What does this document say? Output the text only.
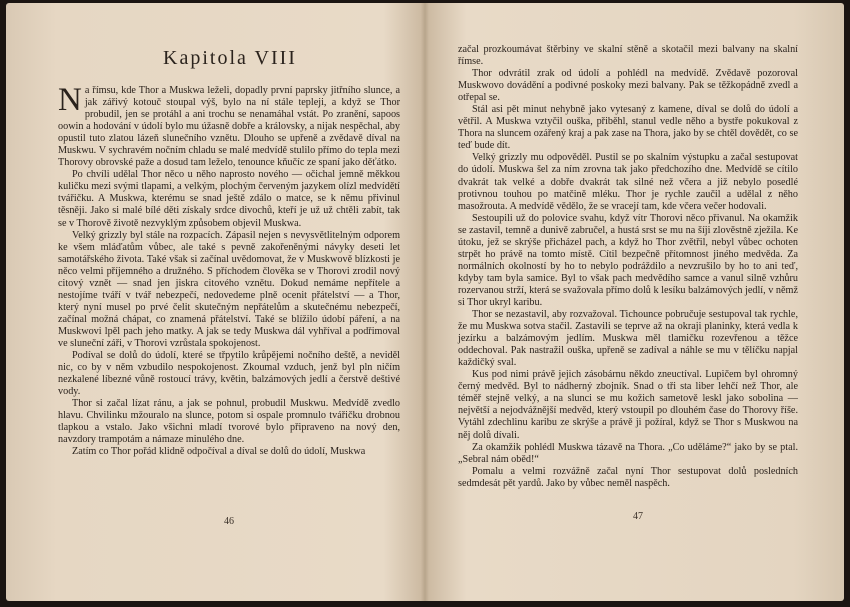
Kapitola VIII

Na římsu, kde Thor a Muskwa leželi, dopadly první paprsky jitřního slunce, a jak zářivý kotouč stoupal výš, bylo na ní stále tepleji, a když se Thor probudil, jen se protáhl a ani trochu se nenamáhal vstát. Po zranění, sapoos oowin a hodování v údolí bylo mu úžasně dobře a královsky, a nijak nespěchal, aby opustil tuto zlatou lázeň slunečního vznětu. Dlouho se upřeně a zvědavě díval na Muskwu. V sychravém nočním chladu se malé medvídě stulilo přímo do tepla mezi Thorovy obrovské paže a dosud tam leželo, tenounce kňučíc ze spaní jako děťátko.

Po chvíli udělal Thor něco u něho naprosto nového — očichal jemně měkkou kuličku mezi svými tlapami, a velkým, plochým červeným jazykem olízl medvídětí tvářičku. A Muskwa, kterému se snad ještě zdálo o matce, se k němu přivinul těsněji. Jako si malé bílé děti získaly srdce divochů, kteří je už už chtěli zabít, tak se v Thorově životě nezvyklým způsobem objevil Muskwa.

Velký grizzly byl stále na rozpacích. Zápasil nejen s nevysvětlitelným odporem ke všem mláďatům vůbec, ale také s pevně zakořeněnými návyky deseti let samotářského života. Také však si začínal uvědomovat, že v Muskwově blízkosti je něco velmi příjemného a družného. S příchodem člověka se v Thorovi zrodil nový citový vznět — snad jen jiskra citového vznětu. Dokud nemáme nepřítele a nestojíme tváří v tvář nebezpečí, nedovedeme plně ocenit přátelství — a Thor, který nyní musel po prvé čelit skutečným nepřátelům a skutečnému nebezpečí, začínal možná chápat, co znamená přátelství. Také se blížilo údobí páření, a na Muskwovi lpěl pach jeho matky. A jak se tedy Muskwa dál vyhříval a podřimoval ve sluneční záři, v Thorovi vzrůstala spokojenost.

Podíval se dolů do údolí, které se třpytilo krůpějemi nočního deště, a neviděl nic, co by v něm vzbudilo nespokojenost. Zkoumal vzduch, jenž byl pln ničím nezkalené líbezné vůně rostoucí trávy, květin, balzámových jedlí a čerstvě deštivé vody.

Thor si začal lízat ránu, a jak se pohnul, probudil Muskwu. Medvídě zvedlo hlavu. Chvilinku mžouralo na slunce, potom si ospale promnulo tvářičku drobnou tlapkou a vstalo. Jako všichni mladí tvorové bylo připraveno na nový den, navzdory trampotám a námaze minulého dne.

Zatím co Thor pořád klidně odpočíval a díval se dolů do údolí, Muskwa

46

začal prozkoumávat štěrbiny ve skalní stěně a skotačil mezi balvany na skalní římse.

Thor odvrátil zrak od údolí a pohlédl na medvídě. Zvědavě pozoroval Muskwovo dovádění a podivné poskoky mezi balvany. Pak se těžkopádně zvedl a otřepal se.

Stál asi pět minut nehybně jako vytesaný z kamene, díval se dolů do údolí a větřil. A Muskwa vztyčil ouška, přiběhl, stanul vedle něho a bystře pokukoval z Thora na sluncem ozářený kraj a pak zase na Thora, jako by se chtěl dovědět, co se teď bude dít.

Velký grizzly mu odpověděl. Pustil se po skalním výstupku a začal sestupovat do údolí. Muskwa šel za ním zrovna tak jako předchozího dne. Medvídě se cítilo dvakrát tak velké a dobře dvakrát tak silné než včera a již nebylo posedlé protivnou touhou po matčině mléku. Thor je rychle zaučil a udělal z něho masožrouta. A medvídě vědělo, že se vracejí tam, kde včera večer hodovali.

Sestoupili už do polovice svahu, když vítr Thorovi něco přivanul. Na okamžik se zastavil, temně a dunivě zabručel, a hustá srst se mu na šíji zlověstně zježila. Ke útoku, jež se skrýše přicházel pach, a když ho Thor zvětřil, nebyl vůbec ochoten strpět ho právě na tomto místě. Cítil bezpečně přítomnost jiného medvěda. Za normálních okolností by ho to nebylo podráždilo a nevzrušilo by ho to ani teď, kdyby tam byla samice. Byl to však pach medvědího samce a vanul silně vzhůru rozervanou strží, která se svažovala přímo dolů k lesíku balzámových jedlí, v němž si Thor ukryl karibu.

Thor se nezastavil, aby rozvažoval. Tichounce pobručuje sestupoval tak rychle, že mu Muskwa sotva stačil. Zastavili se teprve až na okraji planinky, která vedla k jezírku a balzámovým jedlím. Muskwa měl tlamičku rozevřenou a těžce oddechoval. Pak nastražil ouška, upřeně se zadíval a náhle se mu v tělíčku napjal každičký sval.

Kus pod nimi právě jejich zásobárnu někdo zneuctíval. Lupičem byl ohromný černý medvěd. Byl to nádherný zbojník. Snad o tři sta liber lehčí než Thor, ale téměř stejně velký, a na slunci se mu kožich sametově leskl jako sobolina — největší a nejodvážnější medvěd, který vstoupil po dlouhém čase do Thorovy říše. Vytáhl zdechlinu karibu ze skrýše a právě ji požíral, když se Thor s Muskwou na něj dolů dívali.

Za okamžik pohlédl Muskwa tázavě na Thora. „Co uděláme?“ jako by se ptal. „Sebral nám oběd!“

Pomalu a velmi rozvážně začal nyní Thor sestupovat dolů posledních sedmdesát pět yardů. Jako by vůbec neměl naspěch.

47
